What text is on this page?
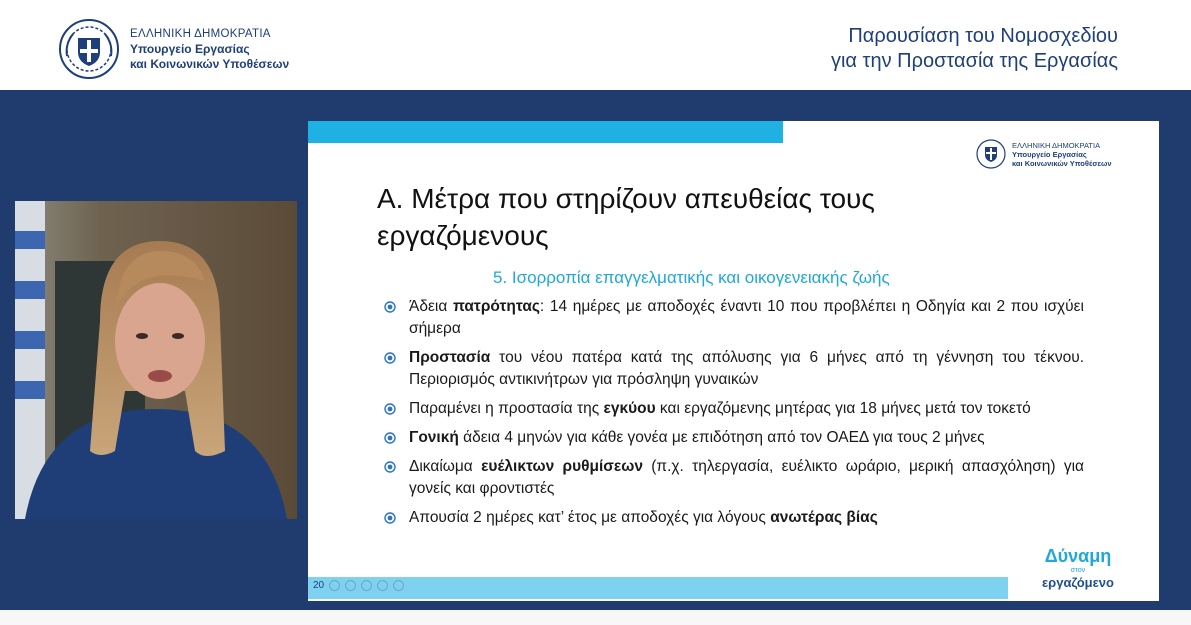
ΕΛΛΗΝΙΚΗ ΔΗΜΟΚΡΑΤΙΑ
Υπουργείο Εργασίας
και Κοινωνικών Υποθέσεων
Παρουσίαση του Νομοσχεδίου
για την Προστασία της Εργασίας
ΕΛΛΗΝΙΚΗ ΔΗΜΟΚΡΑΤΙΑ
Υπουργείο Εργασίας
και Κοινωνικών Υποθέσεων
Α. Μέτρα που στηρίζουν απευθείας τους εργαζόμενους
5. Ισορροπία επαγγελματικής και οικογενειακής ζωής
Άδεια πατρότητας: 14 ημέρες με αποδοχές έναντι 10 που προβλέπει η Οδηγία και 2 που ισχύει σήμερα
Προστασία του νέου πατέρα κατά της απόλυσης για 6 μήνες από τη γέννηση του τέκνου. Περιορισμός αντικινήτρων για πρόσληψη γυναικών
Παραμένει η προστασία της εγκύου και εργαζόμενης μητέρας για 18 μήνες μετά τον τοκετό
Γονική άδεια 4 μηνών για κάθε γονέα με επιδότηση από τον ΟΑΕΔ για τους 2 μήνες
Δικαίωμα ευέλικτων ρυθμίσεων (π.χ. τηλεργασία, ευέλικτο ωράριο, μερική απασχόληση) για γονείς και φροντιστές
Απουσία 2 ημέρες κατ’ έτος με αποδοχές για λόγους ανωτέρας βίας
20
Δύναμη
στον
εργαζόμενο
